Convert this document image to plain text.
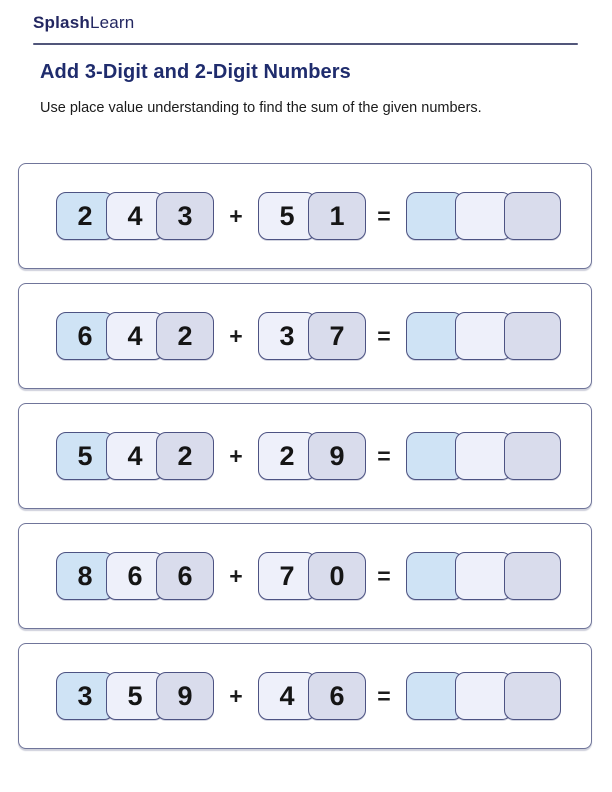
SplashLearn
Add 3-Digit and 2-Digit Numbers

Use place value understanding to find the sum of the given numbers.

2 4 3 + 5 1 =
6 4 2 + 3 7 =
5 4 2 + 2 9 =
8 6 6 + 7 0 =
3 5 9 + 4 6 =
